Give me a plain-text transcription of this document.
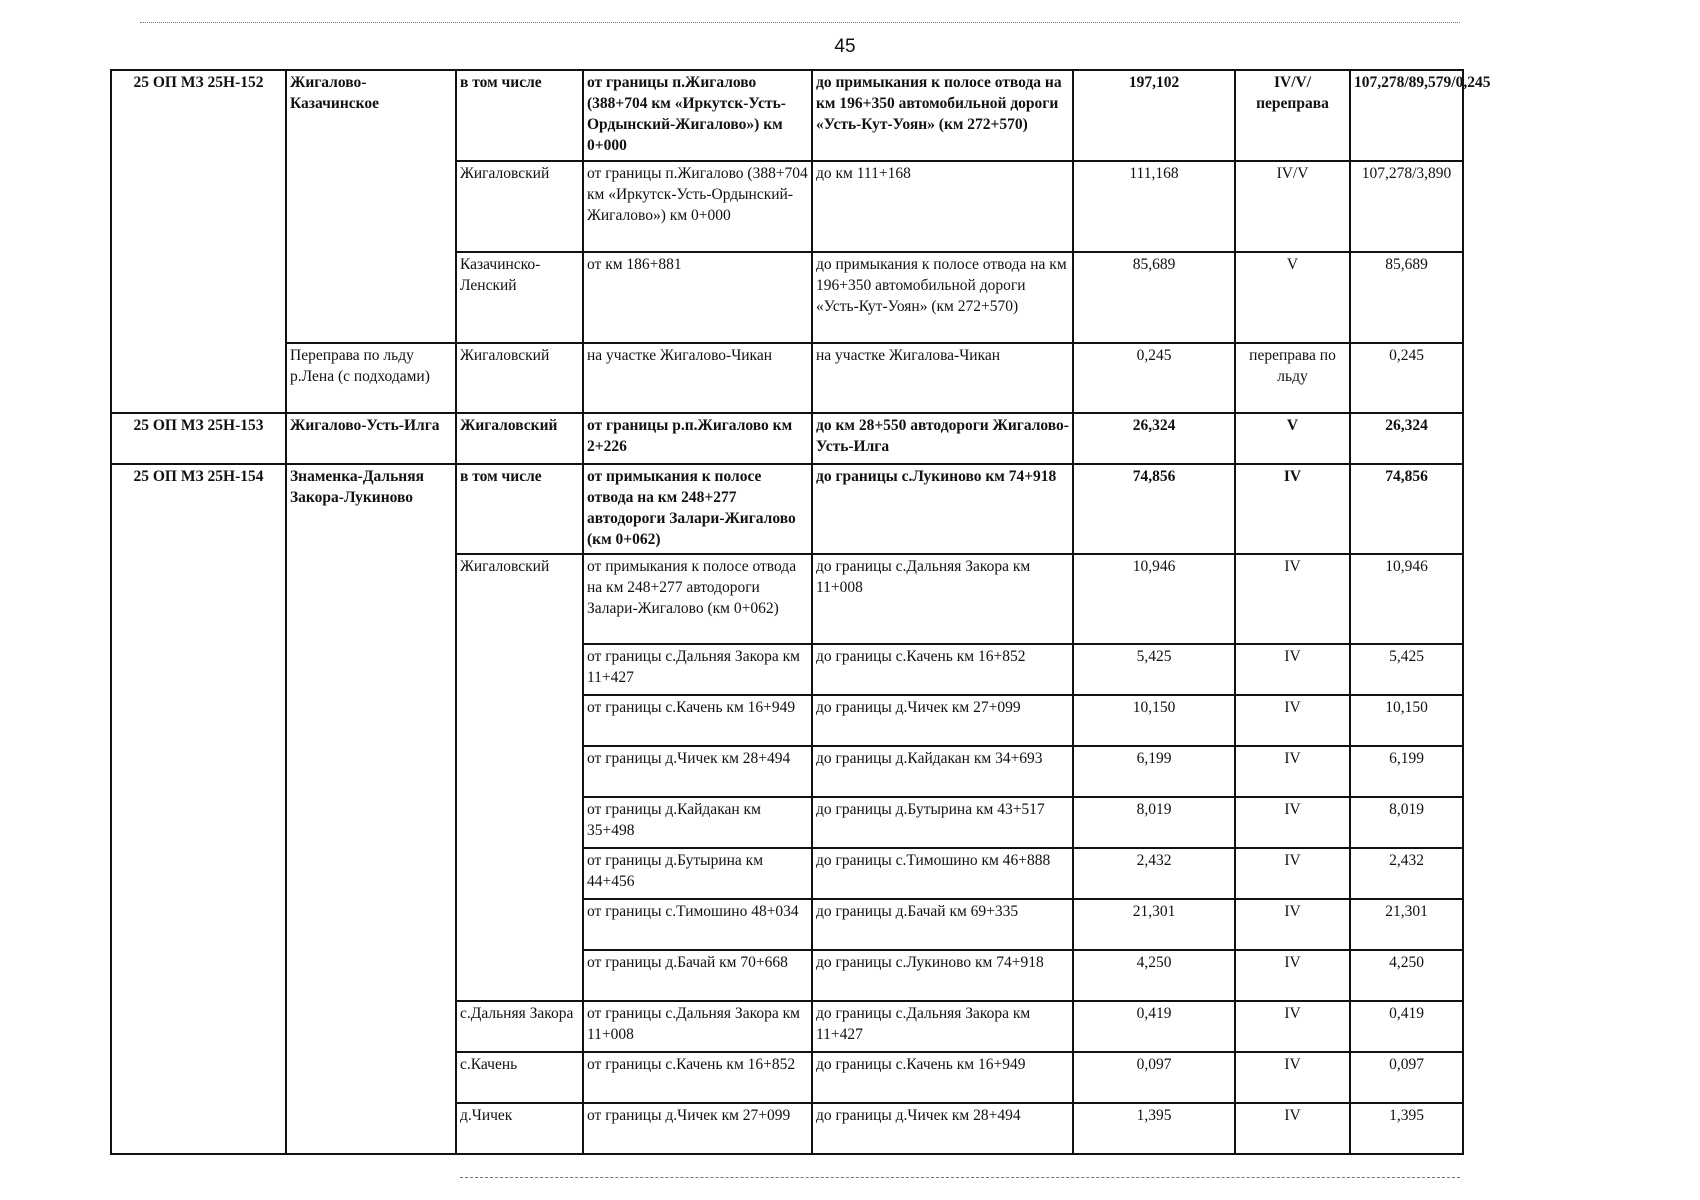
45
25 ОП МЗ 25Н-152	Жигалово-Казачинское	в том числе	от границы п.Жигалово (388+704 км «Иркутск-Усть-Ордынский-Жигалово») км 0+000	до примыкания к полосе отвода на км 196+350 автомобильной дороги «Усть-Кут-Уоян» (км 272+570)	197,102	IV/V/переправа	107,278/89,579/0,245
		Жигаловский	от границы п.Жигалово (388+704 км «Иркутск-Усть-Ордынский-Жигалово») км 0+000	до км 111+168	111,168	IV/V	107,278/3,890
		Казачинско-Ленский	от км 186+881	до примыкания к полосе отвода на км 196+350 автомобильной дороги «Усть-Кут-Уоян» (км 272+570)	85,689	V	85,689
	Переправа по льду р.Лена (с подходами)	Жигаловский	на участке Жигалово-Чикан	на участке Жигалова-Чикан	0,245	переправа по льду	0,245
25 ОП МЗ 25Н-153	Жигалово-Усть-Илга	Жигаловский	от границы р.п.Жигалово км 2+226	до км 28+550 автодороги Жигалово-Усть-Илга	26,324	V	26,324
25 ОП МЗ 25Н-154	Знаменка-Дальняя Закора-Лукиново	в том числе	от примыкания к полосе отвода на км 248+277 автодороги Залари-Жигалово (км 0+062)	до границы с.Лукиново км 74+918	74,856	IV	74,856
		Жигаловский	от примыкания к полосе отвода на км 248+277 автодороги Залари-Жигалово (км 0+062)	до границы с.Дальняя Закора км 11+008	10,946	IV	10,946
			от границы с.Дальняя Закора км 11+427	до границы с.Качень км 16+852	5,425	IV	5,425
			от границы с.Качень км 16+949	до границы д.Чичек км 27+099	10,150	IV	10,150
			от границы д.Чичек км 28+494	до границы д.Кайдакан км 34+693	6,199	IV	6,199
			от границы д.Кайдакан км 35+498	до границы д.Бутырина км 43+517	8,019	IV	8,019
			от границы д.Бутырина км 44+456	до границы с.Тимошино км 46+888	2,432	IV	2,432
			от границы с.Тимошино 48+034	до границы д.Бачай км 69+335	21,301	IV	21,301
			от границы д.Бачай км 70+668	до границы с.Лукиново км 74+918	4,250	IV	4,250
		с.Дальняя Закора	от границы с.Дальняя Закора км 11+008	до границы с.Дальняя Закора км 11+427	0,419	IV	0,419
		с.Качень	от границы с.Качень км 16+852	до границы с.Качень км 16+949	0,097	IV	0,097
		д.Чичек	от границы д.Чичек км 27+099	до границы д.Чичек км 28+494	1,395	IV	1,395
